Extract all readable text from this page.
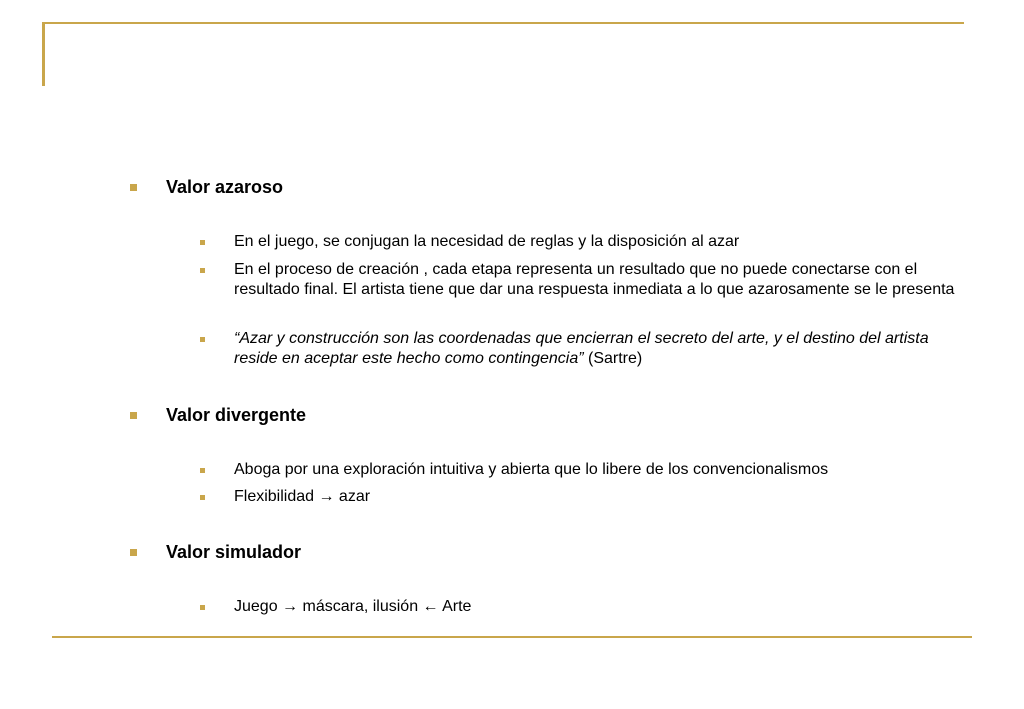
Valor azaroso
En el juego, se conjugan la necesidad de reglas y la disposición al azar
En el proceso de creación , cada etapa representa un resultado que no puede conectarse con el resultado final. El artista tiene que dar una respuesta inmediata a lo que azarosamente se le presenta
“Azar y construcción son las coordenadas que encierran el secreto del arte, y el destino del artista reside en aceptar este hecho como contingencia” (Sartre)
Valor divergente
Aboga por una exploración intuitiva y abierta que lo libere de los convencionalismos
Flexibilidad → azar
Valor simulador
Juego → máscara, ilusión ← Arte
